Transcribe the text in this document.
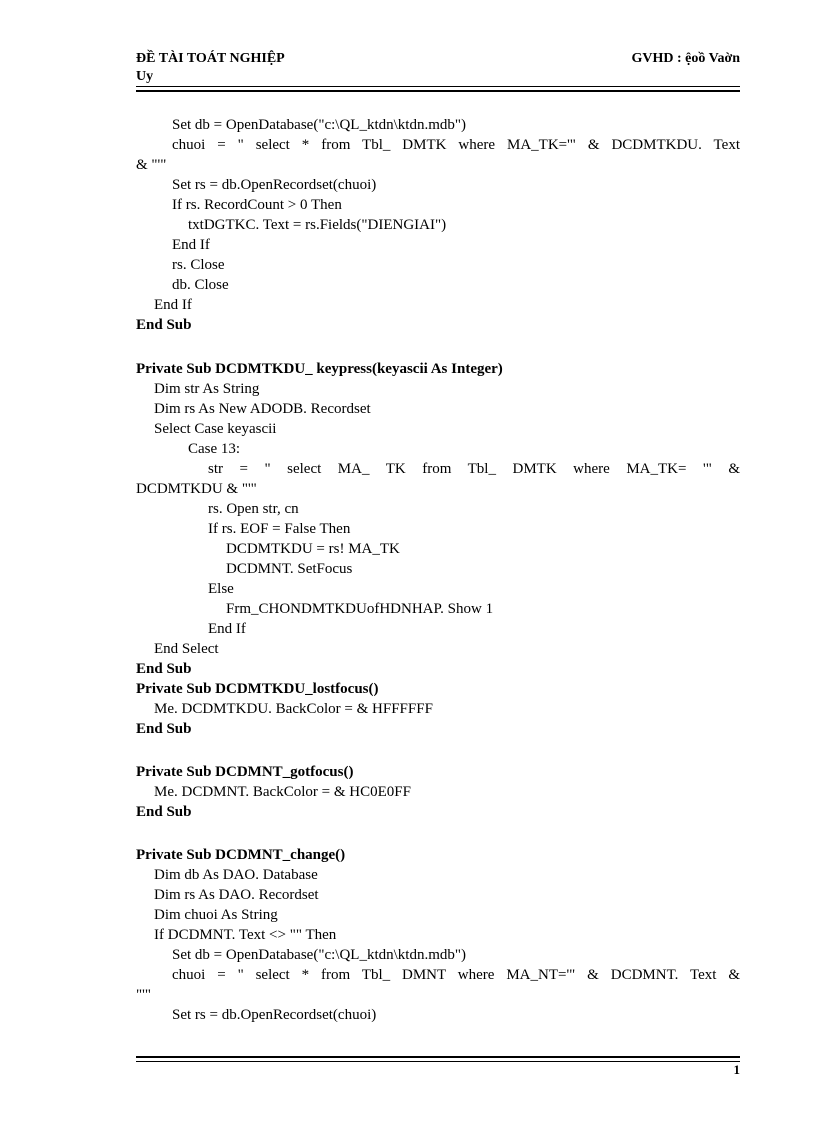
ĐỀ TÀI TOÁT NGHIỆP
Uy
GVHD : ệoồ Vaờn
Set db = OpenDatabase("c:\QL_ktdn\ktdn.mdb")
chuoi = " select * from Tbl_ DMTK where MA_TK='" & DCDMTKDU. Text
& "'"
Set rs = db.OpenRecordset(chuoi)
If rs. RecordCount > 0 Then
txtDGTKC. Text = rs.Fields("DIENGIAI")
End If
rs. Close
db. Close
End If
End Sub
Private Sub DCDMTKDU_ keypress(keyascii As Integer)
Dim str As String
Dim rs As New ADODB. Recordset
Select Case keyascii
Case 13:
str = " select MA_ TK from Tbl_ DMTK where MA_TK= '" &
DCDMTKDU & "'"
rs. Open str, cn
If rs. EOF = False Then
DCDMTKDU = rs! MA_TK
DCDMNT. SetFocus
Else
Frm_CHONDMTKDUofHDNHAP. Show 1
End If
End Select
End Sub
Private Sub DCDMTKDU_lostfocus()
Me. DCDMTKDU. BackColor = & HFFFFFF
End Sub
Private Sub DCDMNT_gotfocus()
Me. DCDMNT. BackColor = & HC0E0FF
End Sub
Private Sub DCDMNT_change()
Dim db As DAO. Database
Dim rs As DAO. Recordset
Dim chuoi As String
If DCDMNT. Text <> "" Then
Set db = OpenDatabase("c:\QL_ktdn\ktdn.mdb")
chuoi = " select * from Tbl_ DMNT where MA_NT='" & DCDMNT. Text &
"'"
Set rs = db.OpenRecordset(chuoi)
1
